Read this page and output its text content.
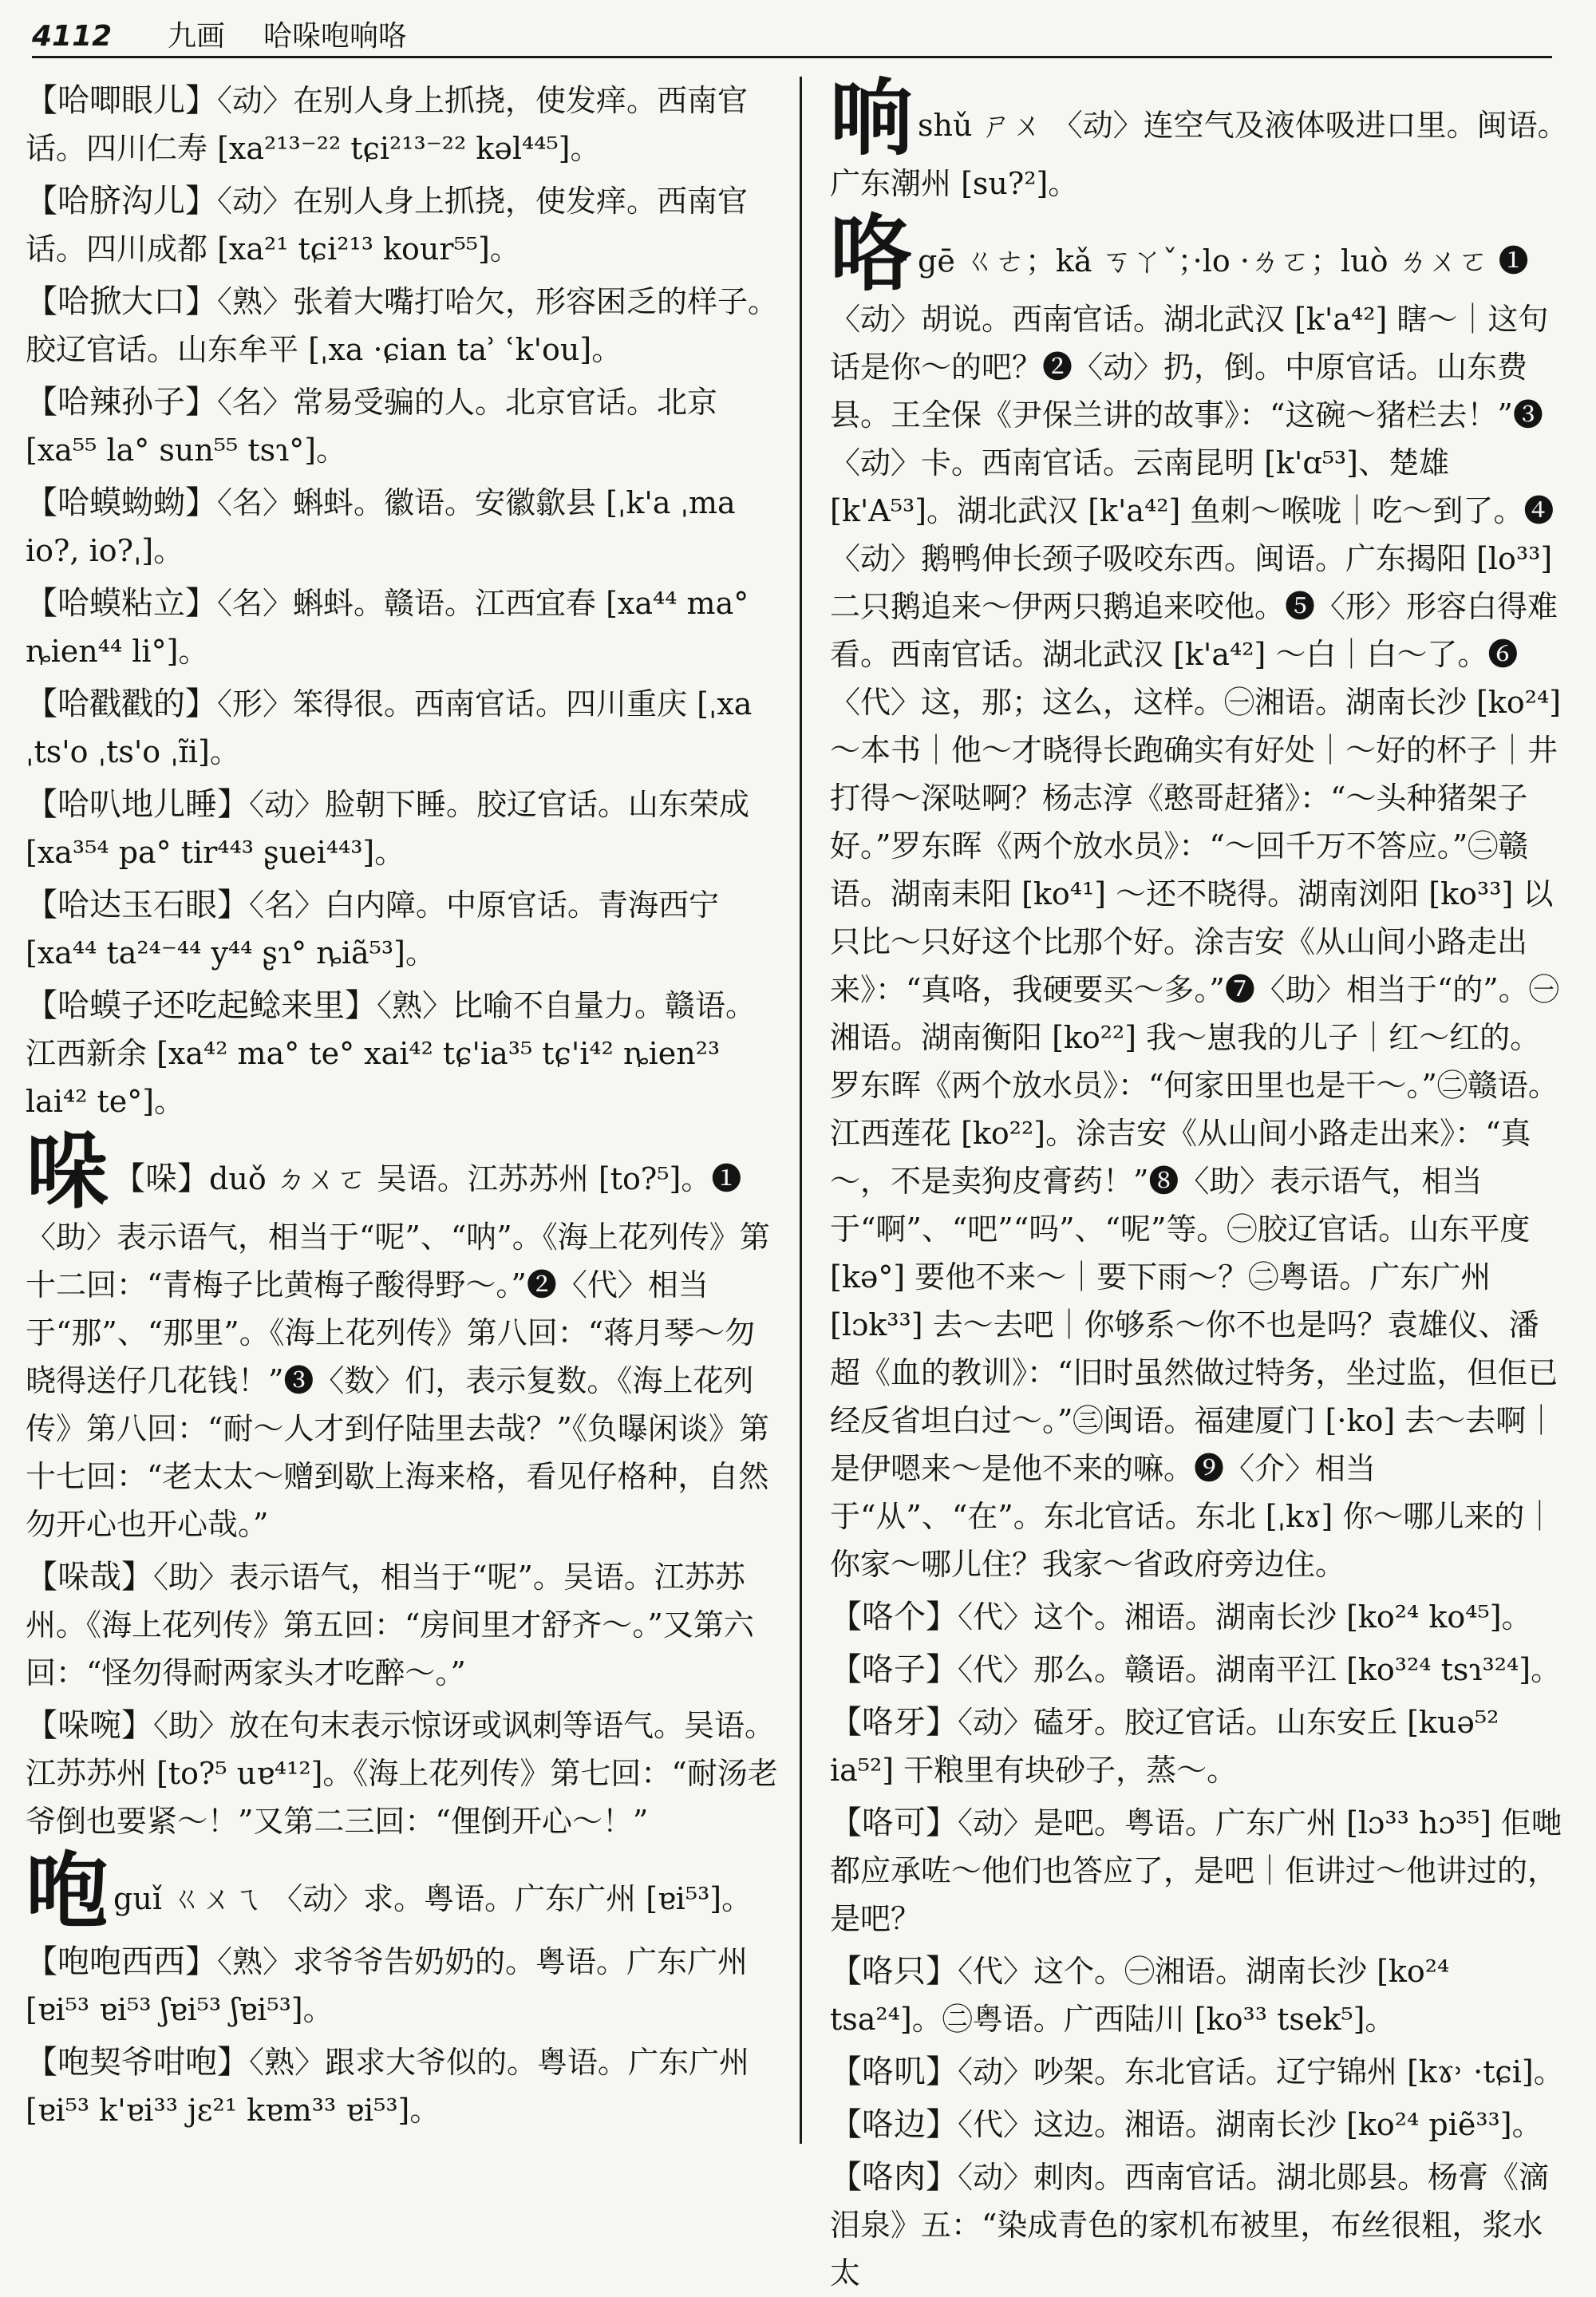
4112 九画 哈哚咆响咯

【哈唧眼儿】〈动〉在别人身上抓挠，使发痒。西南官话。四川仁寿 [xa²¹³⁻²² tɕi²¹³⁻²² kəl⁴⁴⁵]。

【哈脐沟儿】〈动〉在别人身上抓挠，使发痒。西南官话。四川成都 [xa²¹ tɕi²¹³ kour⁵⁵]。

【哈掀大口】〈熟〉张着大嘴打哈欠，形容困乏的样子。胶辽官话。山东牟平 [ˌxa ·ɕian taʾ ʿk'ou]。

【哈辣孙子】〈名〉常易受骗的人。北京官话。北京 [xa⁵⁵ la° sun⁵⁵ tsɿ°]。

【哈蟆蚴蚴】〈名〉蝌蚪。徽语。安徽歙县 [ˌk'a ˌma io?, io?ˌ]。

【哈蟆粘立】〈名〉蝌蚪。赣语。江西宜春 [xa⁴⁴ ma° ȵien⁴⁴ li°]。

【哈戳戳的】〈形〉笨得很。西南官话。四川重庆 [ˌxa ˌts'o ˌts'o ˌɪ̃i]。

【哈叭地儿睡】〈动〉脸朝下睡。胶辽官话。山东荣成 [xa³⁵⁴ pa° tir⁴⁴³ ʂuei⁴⁴³]。

【哈达玉石眼】〈名〉白内障。中原官话。青海西宁 [xa⁴⁴ ta²⁴⁻⁴⁴ y⁴⁴ ʂɿ° ȵiã⁵³]。

【哈蟆子还吃起鲶来里】〈熟〉比喻不自量力。赣语。江西新余 [xa⁴² ma° te° xai⁴² tɕ'ia³⁵ tɕ'i⁴² ȵien²³ lai⁴² te°]。

哚 【哚】duǒ ㄉㄨㄛ 吴语。江苏苏州 [to?⁵]。❶〈助〉表示语气，相当于“呢”、“呐”。《海上花列传》第十二回：“青梅子比黄梅子酸得野～。”❷〈代〉相当于“那”、“那里”。《海上花列传》第八回：“蒋月琴～勿晓得送仔几花钱！”❸〈数〉们，表示复数。《海上花列传》第八回：“耐～人才到仔陆里去哉？”《负曝闲谈》第十七回：“老太太～赠到歇上海来格，看见仔格种，自然勿开心也开心哉。”

【哚哉】〈助〉表示语气，相当于“呢”。吴语。江苏苏州。《海上花列传》第五回：“房间里才舒齐～。”又第六回：“怪勿得耐两家头才吃醉～。”

【哚啘】〈助〉放在句末表示惊讶或讽刺等语气。吴语。江苏苏州 [to?⁵ uɐ⁴¹²]。《海上花列传》第七回：“耐汤老爷倒也要紧～！”又第二三回：“俚倒开心～！”

咆guǐ ㄍㄨㄟ 〈动〉求。粤语。广东广州 [ɐi⁵³]。

【咆咆西西】〈熟〉求爷爷告奶奶的。粤语。广东广州 [ɐi⁵³ ɐi⁵³ ʃɐi⁵³ ʃɐi⁵³]。

【咆契爷咁咆】〈熟〉跟求大爷似的。粤语。广东广州 [ɐi⁵³ k'ɐi³³ jɛ²¹ kɐm³³ ɐi⁵³]。

响shǔ ㄕㄨ 〈动〉连空气及液体吸进口里。闽语。广东潮州 [su?²]。

咯gē ㄍㄜ；kǎ ㄎㄚˇ；·lo ·ㄌㄛ；luò ㄌㄨㄛ ❶〈动〉胡说。西南官话。湖北武汉 [k'a⁴²] 瞎～｜这句话是你～的吧？❷〈动〉扔，倒。中原官话。山东费县。王全保《尹保兰讲的故事》：“这碗～猪栏去！”❸〈动〉卡。西南官话。云南昆明 [k'ɑ⁵³]、楚雄 [k'A⁵³]。湖北武汉 [k'a⁴²] 鱼刺～喉咙｜吃～到了。❹〈动〉鹅鸭伸长颈子吸咬东西。闽语。广东揭阳 [lo³³] 二只鹅追来～伊两只鹅追来咬他。❺〈形〉形容白得难看。西南官话。湖北武汉 [k'a⁴²] ～白｜白～了。❻〈代〉这，那；这么，这样。㊀湘语。湖南长沙 [ko²⁴] ～本书｜他～才晓得长跑确实有好处｜～好的杯子｜井打得～深哒啊？杨志淳《憨哥赶猪》：“～头种猪架子好。”罗东晖《两个放水员》：“～回千万不答应。”㊁赣语。湖南耒阳 [ko⁴¹] ～还不晓得。湖南浏阳 [ko³³] 以只比～只好这个比那个好。涂吉安《从山间小路走出来》：“真咯，我硬要买～多。”❼〈助〉相当于“的”。㊀湘语。湖南衡阳 [ko²²] 我～崽我的儿子｜红～红的。罗东晖《两个放水员》：“何家田里也是干～。”㊁赣语。江西莲花 [ko²²]。涂吉安《从山间小路走出来》：“真～，不是卖狗皮膏药！”❽〈助〉表示语气，相当于“啊”、“吧”“吗”、“呢”等。㊀胶辽官话。山东平度 [kə°] 要他不来～｜要下雨～？㊁粤语。广东广州 [lɔk³³] 去～去吧｜你够系～你不也是吗？袁雄仪、潘超《血的教训》：“旧时虽然做过特务，坐过监，但佢已经反省坦白过～。”㊂闽语。福建厦门 [·ko] 去～去啊｜是伊嗯来～是他不来的嘛。❾〈介〉相当于“从”、“在”。东北官话。东北 [ˌkɤ] 你～哪儿来的｜你家～哪儿住？我家～省政府旁边住。

【咯个】〈代〉这个。湘语。湖南长沙 [ko²⁴ ko⁴⁵]。

【咯子】〈代〉那么。赣语。湖南平江 [ko³²⁴ tsɿ³²⁴]。

【咯牙】〈动〉磕牙。胶辽官话。山东安丘 [kuə⁵² ia⁵²] 干粮里有块砂子，蒸～。

【咯可】〈动〉是吧。粤语。广东广州 [lɔ³³ hɔ³⁵] 佢哋都应承咗～他们也答应了，是吧｜佢讲过～他讲过的，是吧？

【咯只】〈代〉这个。㊀湘语。湖南长沙 [ko²⁴ tsa²⁴]。㊁粤语。广西陆川 [ko³³ tsek⁵]。

【咯叽】〈动〉吵架。东北官话。辽宁锦州 [kɤ˒ ·tɕi]。

【咯边】〈代〉这边。湘语。湖南长沙 [ko²⁴ piẽ³³]。

【咯肉】〈动〉刺肉。西南官话。湖北郧县。杨膏《滴泪泉》五：“染成青色的家机布被里，布丝很粗，浆水太
